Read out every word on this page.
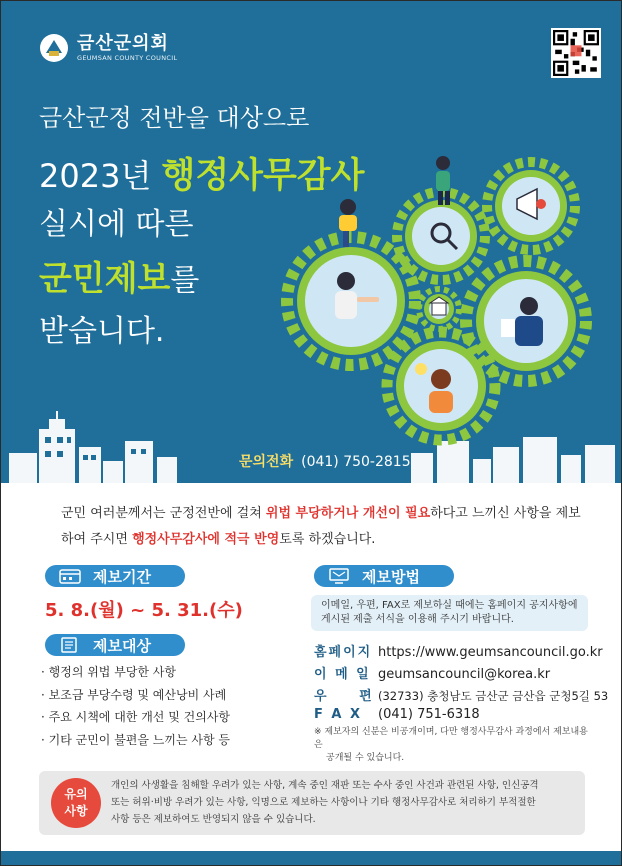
금산군의회
GEUMSAN COUNTY COUNCIL
금산군정 전반을 대상으로
2023년 행정사무감사
실시에 따른
군민제보를
받습니다.
문의전화 (041) 750-2815
군민 여러분께서는 군정전반에 걸쳐 위법 부당하거나 개선이 필요하다고 느끼신 사항을 제보하여 주시면 행정사무감사에 적극 반영토록 하겠습니다.
제보기간
5. 8.(월) ~ 5. 31.(수)
제보대상
· 행정의 위법 부당한 사항
· 보조금 부당수령 및 예산낭비 사례
· 주요 시책에 대한 개선 및 건의사항
· 기타 군민이 불편을 느끼는 사항 등
제보방법
이메일, 우편, FAX로 제보하실 때에는 홈페이지 공지사항에
게시된 제출 서식을 이용해 주시기 바랍니다.
홈페이지 https://www.geumsancouncil.go.kr
이 메 일 geumsancouncil@korea.kr
우 편(32733) 충청남도 금산군 금산읍 군청5길 53
F A X (041) 751-6318
※ 제보자의 신분은 비공개이며, 다만 행정사무감사 과정에서 제보내용은
공개될 수 있습니다.
유의
사항
개인의 사생활을 침해할 우려가 있는 사항, 계속 중인 재판 또는 수사 중인 사건과 관련된 사항, 인신공격
또는 허위·비방 우려가 있는 사항, 익명으로 제보하는 사항이나 기타 행정사무감사로 처리하기 부적절한
사항 등은 제보하여도 반영되지 않을 수 있습니다.
